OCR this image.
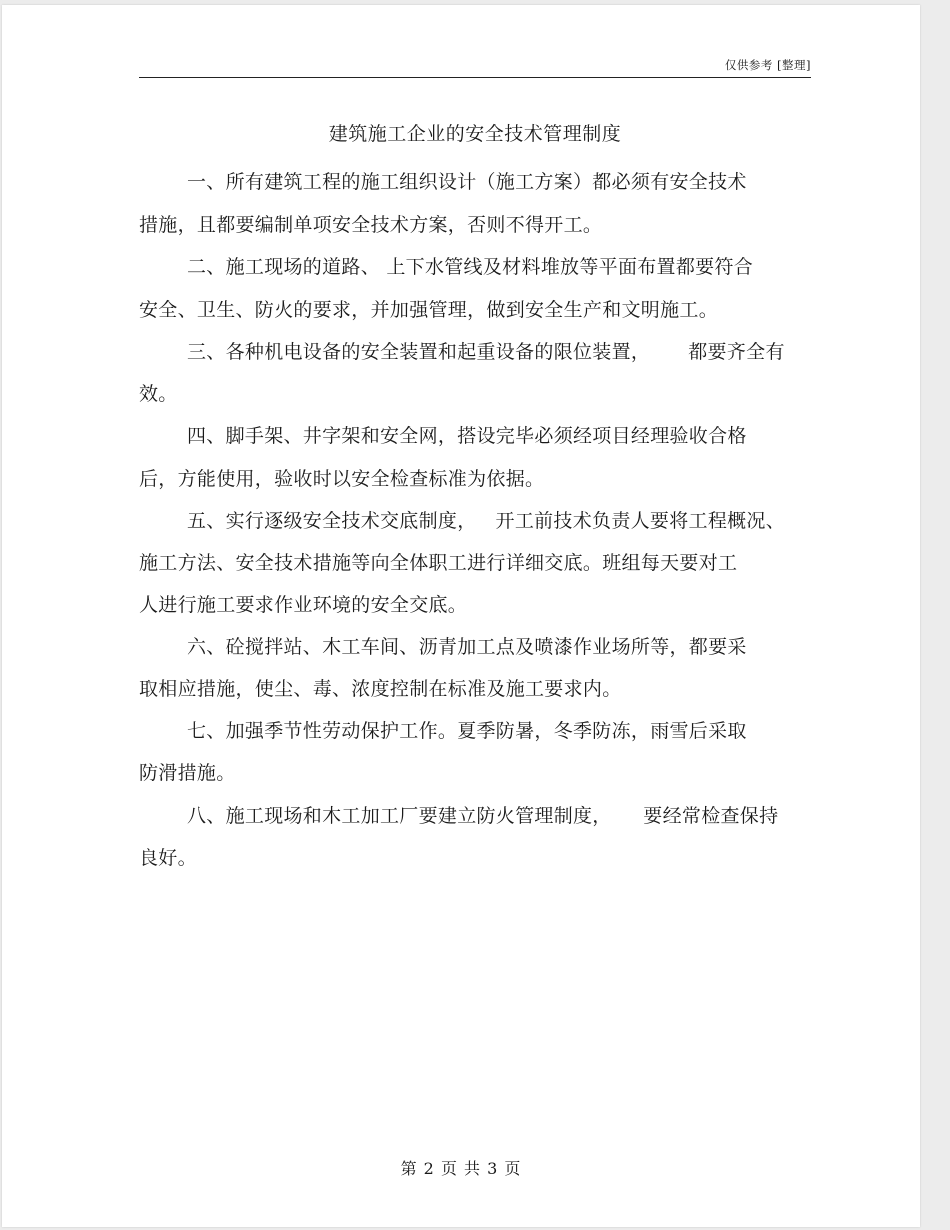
仅供参考 [整理]
建筑施工企业的安全技术管理制度
一、所有建筑工程的施工组织设计（施工方案）都必须有安全技术
措施，且都要编制单项安全技术方案，否则不得开工。
二、施工现场的道路、 上下水管线及材料堆放等平面布置都要符合
安全、卫生、防火的要求，并加强管理，做到安全生产和文明施工。
三、各种机电设备的安全装置和起重设备的限位装置，      都要齐全有
效。
四、脚手架、井字架和安全网，搭设完毕必须经项目经理验收合格
后，方能使用，验收时以安全检查标准为依据。
五、实行逐级安全技术交底制度，   开工前技术负责人要将工程概况、
施工方法、安全技术措施等向全体职工进行详细交底。班组每天要对工
人进行施工要求作业环境的安全交底。
六、砼搅拌站、木工车间、沥青加工点及喷漆作业场所等，都要采
取相应措施，使尘、毒、浓度控制在标准及施工要求内。
七、加强季节性劳动保护工作。夏季防暑，冬季防冻，雨雪后采取
防滑措施。
八、施工现场和木工加工厂要建立防火管理制度，     要经常检查保持
良好。
第 2 页 共 3 页
